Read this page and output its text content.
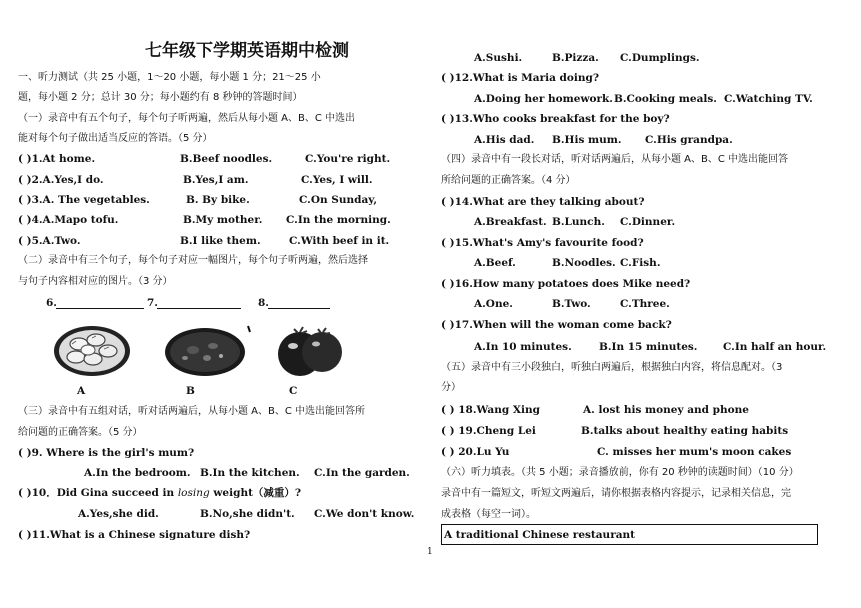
七年级下学期英语期中检测
一、听力测试（共 25 小题，1～20 小题，每小题 1 分；21～25 小
题，每小题 2 分；总计 30 分；每小题约有 8 秒钟的答题时间）
（一）录音中有五个句子，每个句子听两遍，然后从每小题 A、B、C 中选出
能对每个句子做出适当反应的答语。（5 分）
( )1.At home.	B.Beef noodles.	C.You're right.
( )2.A.Yes,I do.	B.Yes,I am.	C.Yes, I will.
( )3.A. The vegetables.	B. By bike.	C.On Sunday,
( )4.A.Mapo tofu.	B.My mother. C.In the morning.
( )5.A.Two.	B.I like them.	C.With beef in it.
（二）录音中有三个句子，每个句子对应一幅图片，每个句子听两遍，然后选择
与句子内容相对应的图片。（3 分）
6.	7.	8.
A	B	C
（三）录音中有五组对话，听对话两遍后，从每小题 A、B、C 中选出能回答所
给问题的正确答案。（5 分）
( )9. Where is the girl's mum?
A.In the bedroom. B.In the kitchen. C.In the garden.
( )10．Did Gina succeed in losing weight（减重）?
A.Yes,she did.	B.No,she didn't. C.We don't know.
( )11.What is a Chinese signature dish?
A.Sushi.	B.Pizza. C.Dumplings.
( )12.What is Maria doing?
A.Doing her homework. B.Cooking meals. C.Watching TV.
( )13.Who cooks breakfast for the boy?
A.His dad. B.His mum. C.His grandpa.
（四）录音中有一段长对话，听对话两遍后，从每小题 A、B、C 中选出能回答
所给问题的正确答案。（4 分）
( )14.What are they talking about?
A.Breakfast. B.Lunch. C.Dinner.
( )15.What's Amy's favourite food?
A.Beef.	B.Noodles. C.Fish.
( )16.How many potatoes does Mike need?
A.One.	B.Two.	C.Three.
( )17.When will the woman come back?
A.In 10 minutes.	B.In 15 minutes. C.In half an hour.
（五）录音中有三小段独白，听独白两遍后，根据独白内容，将信息配对。（3
分）
( ) 18.Wang Xing	A. lost his money and phone
( ) 19.Cheng Lei	B.talks about healthy eating habits
( ) 20.Lu Yu	C. misses her mum's moon cakes
（六）听力填表。（共 5 小题；录音播放前，你有 20 秒钟的读题时间）（10 分）
录音中有一篇短文，听短文两遍后，请你根据表格内容提示，记录相关信息，完
成表格（每空一词）。
A traditional Chinese restaurant
1
